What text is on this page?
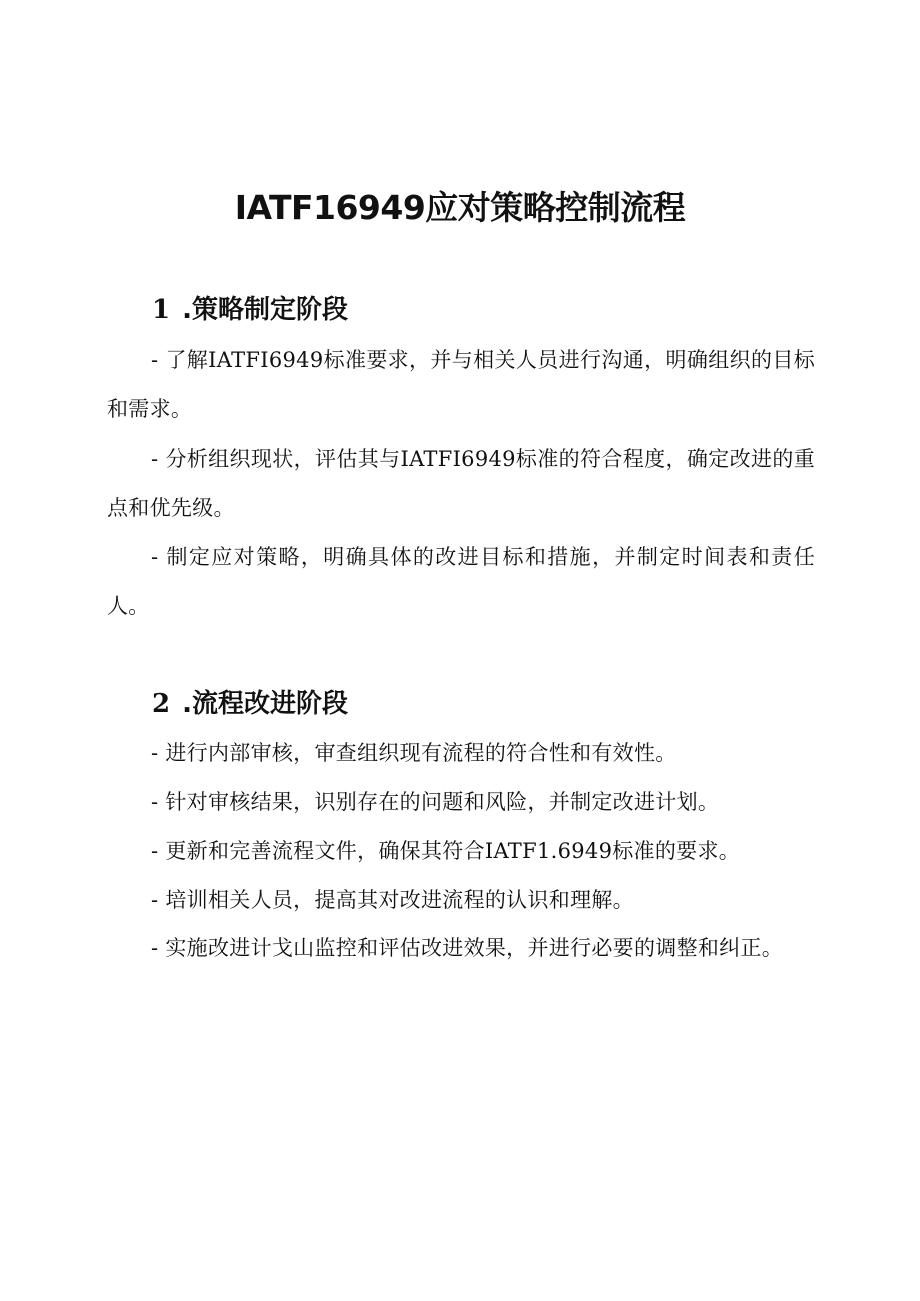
IATF16949应对策略控制流程
1 .策略制定阶段

- 了解IATFI6949标准要求，并与相关人员进行沟通，明确组织的目标和需求。

- 分析组织现状，评估其与IATFI6949标准的符合程度，确定改进的重点和优先级。

- 制定应对策略，明确具体的改进目标和措施，并制定时间表和责任人。

2 .流程改进阶段

- 进行内部审核，审查组织现有流程的符合性和有效性。

- 针对审核结果，识别存在的问题和风险，并制定改进计划。

- 更新和完善流程文件，确保其符合IATF1.6949标准的要求。

- 培训相关人员，提高其对改进流程的认识和理解。

- 实施改进计戈山监控和评估改进效果，并进行必要的调整和纠正。
